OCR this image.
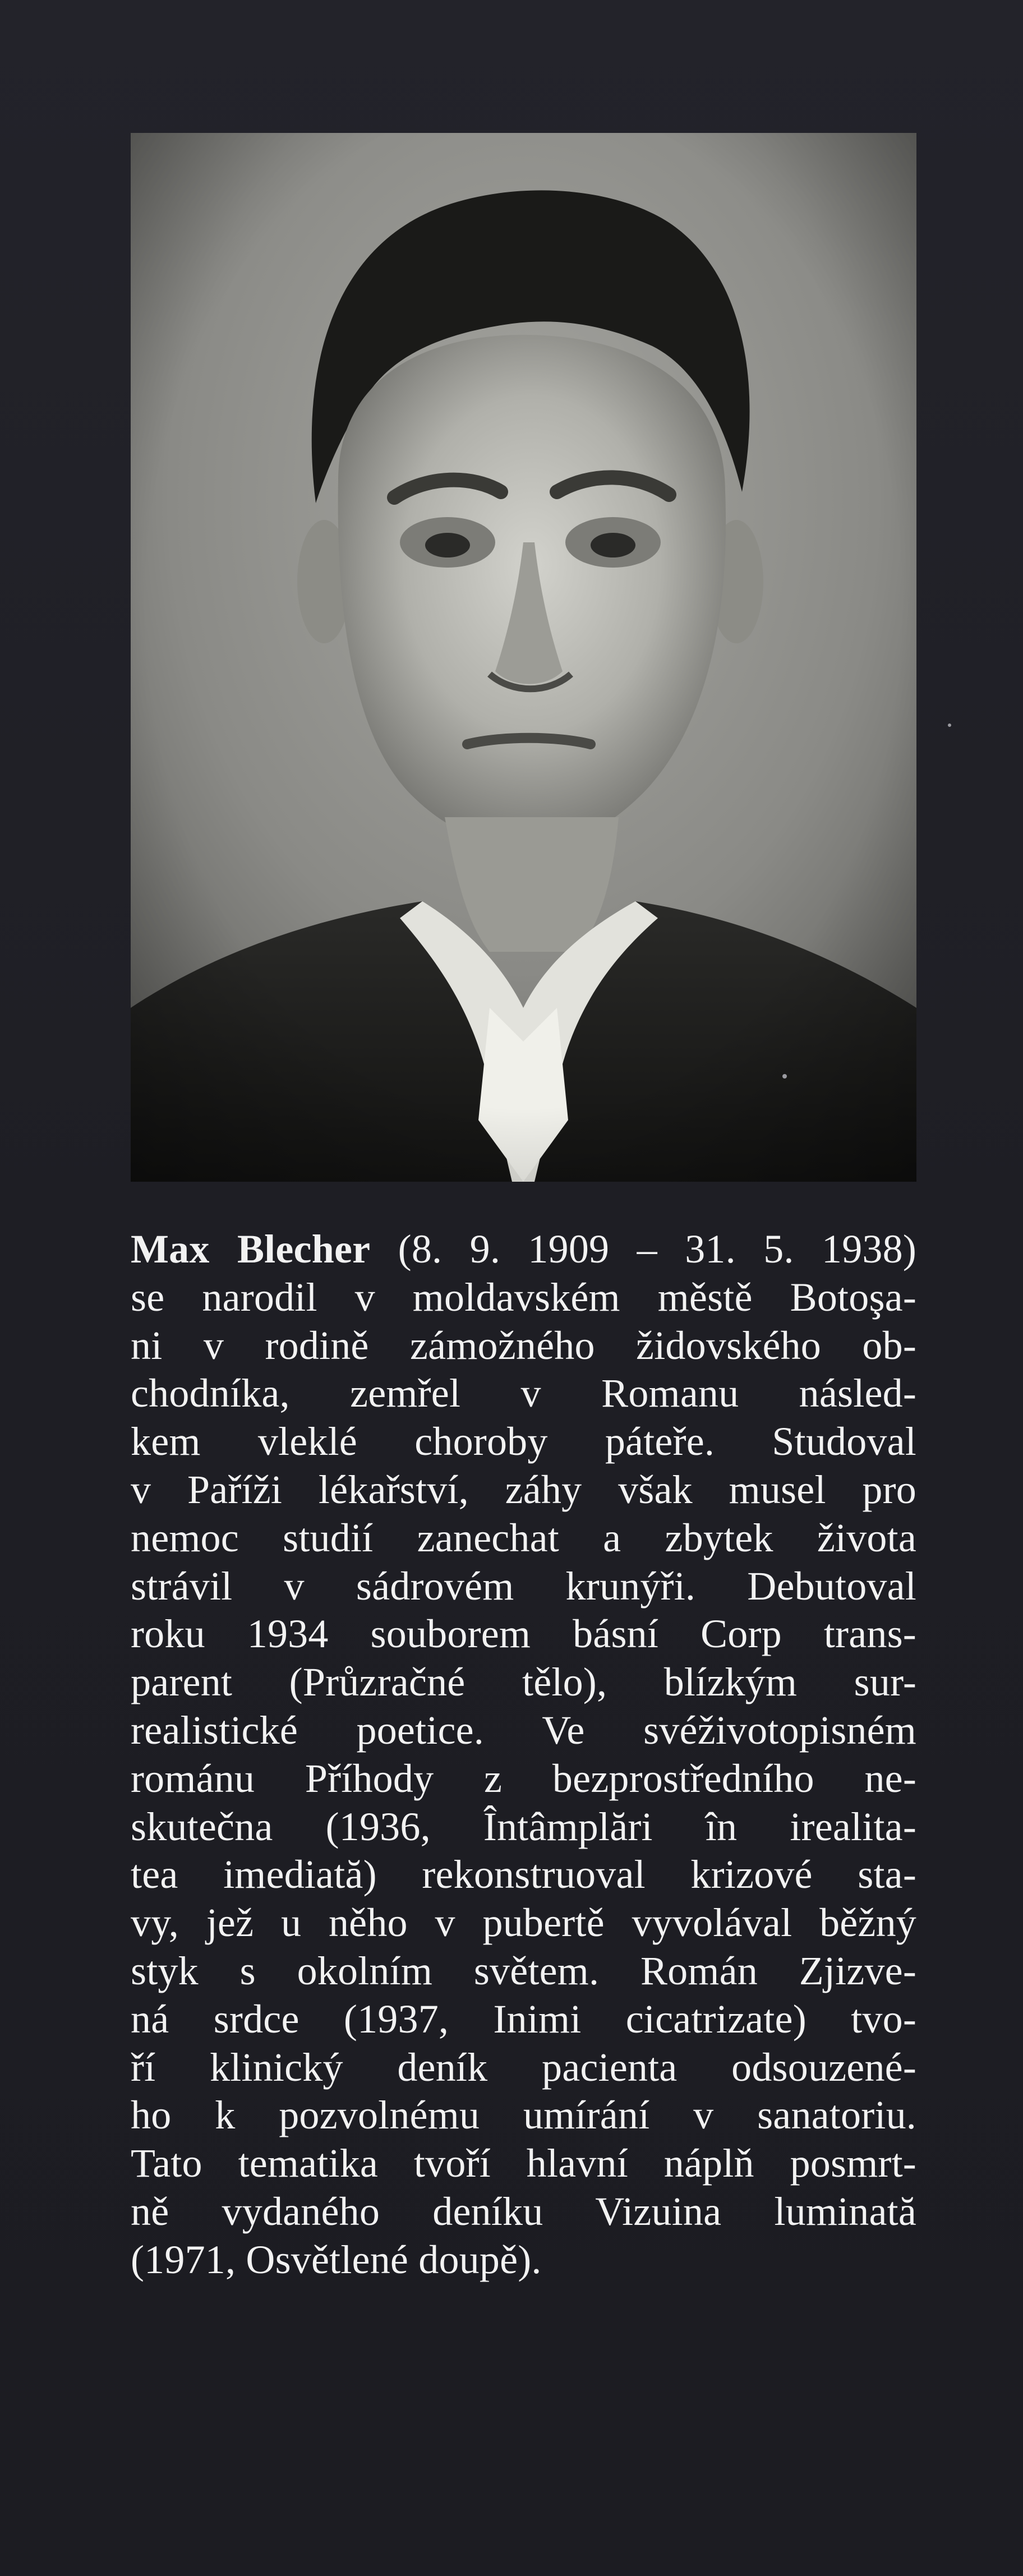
Max Blecher (8. 9. 1909 – 31. 5. 1938)
se narodil v moldavském městě Botoşa-
ni v rodině zámožného židovského ob-
chodníka, zemřel v Romanu násled-
kem vleklé choroby páteře. Studoval
v Paříži lékařství, záhy však musel pro
nemoc studií zanechat a zbytek života
strávil v sádrovém krunýři. Debutoval
roku 1934 souborem básní Corp trans-
parent (Průzračné tělo), blízkým sur-
realistické poetice. Ve svéživotopisném
románu Příhody z bezprostředního ne-
skutečna (1936, Întâmplări în irealita-
tea imediată) rekonstruoval krizové sta-
vy, jež u něho v pubertě vyvolával běžný
styk s okolním světem. Román Zjizve-
ná srdce (1937, Inimi cicatrizate) tvo-
ří klinický deník pacienta odsouzené-
ho k pozvolnému umírání v sanatoriu.
Tato tematika tvoří hlavní náplň posmrt-
ně vydaného deníku Vizuina luminată
(1971, Osvětlené doupě).
